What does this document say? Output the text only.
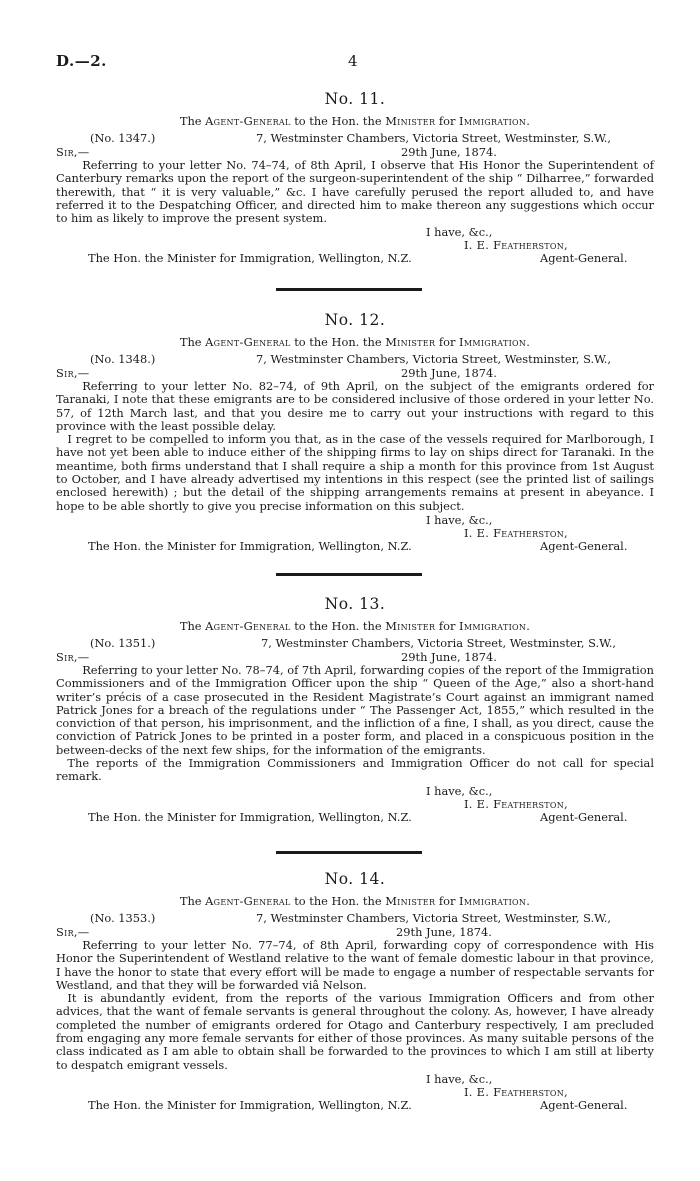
D.—2.	4
No. 11.
The Agent-General to the Hon. the Minister for Immigration.
(No. 1347.)	7, Westminster Chambers, Victoria Street, Westminster, S.W.,
Sir,—	29th June, 1874.

Referring to your letter No. 74–74, of 8th April, I observe that His Honor the Superintendent of Canterbury remarks upon the report of the surgeon-superintendent of the ship “ Dilharree,” forwarded therewith, that “ it is very valuable,” &c. I have carefully perused the report alluded to, and have referred it to the Despatching Officer, and directed him to make thereon any suggestions which occur to him as likely to improve the present system.

I have, &c.,
I. E. Featherston,
The Hon. the Minister for Immigration, Wellington, N.Z.	Agent-General.
No. 12.
The Agent-General to the Hon. the Minister for Immigration.
(No. 1348.)	7, Westminster Chambers, Victoria Street, Westminster, S.W.,
Sir,—	29th June, 1874.

Referring to your letter No. 82–74, of 9th April, on the subject of the emigrants ordered for Taranaki, I note that these emigrants are to be considered inclusive of those ordered in your letter No. 57, of 12th March last, and that you desire me to carry out your instructions with regard to this province with the least possible delay.

I regret to be compelled to inform you that, as in the case of the vessels required for Marlborough, I have not yet been able to induce either of the shipping firms to lay on ships direct for Taranaki. In the meantime, both firms understand that I shall require a ship a month for this province from 1st August to October, and I have already advertised my intentions in this respect (see the printed list of sailings enclosed herewith) ; but the detail of the shipping arrangements remains at present in abeyance. I hope to be able shortly to give you precise information on this subject.

I have, &c.,
I. E. Featherston,
The Hon. the Minister for Immigration, Wellington, N.Z.	Agent-General.
No. 13.
The Agent-General to the Hon. the Minister for Immigration.
(No. 1351.)	7, Westminster Chambers, Victoria Street, Westminster, S.W.,
Sir,—	29th June, 1874.

Referring to your letter No. 78–74, of 7th April, forwarding copies of the report of the Immigration Commissioners and of the Immigration Officer upon the ship “ Queen of the Age,” also a short-hand writer’s précis of a case prosecuted in the Resident Magistrate’s Court against an immigrant named Patrick Jones for a breach of the regulations under “ The Passenger Act, 1855,” which resulted in the conviction of that person, his imprisonment, and the infliction of a fine, I shall, as you direct, cause the conviction of Patrick Jones to be printed in a poster form, and placed in a conspicuous position in the between-decks of the next few ships, for the information of the emigrants.

The reports of the Immigration Commissioners and Immigration Officer do not call for special remark.

I have, &c.,
I. E. Featherston,
The Hon. the Minister for Immigration, Wellington, N.Z.	Agent-General.
No. 14.
The Agent-General to the Hon. the Minister for Immigration.
(No. 1353.)	7, Westminster Chambers, Victoria Street, Westminster, S.W.,
Sir,—	29th June, 1874.

Referring to your letter No. 77–74, of 8th April, forwarding copy of correspondence with His Honor the Superintendent of Westland relative to the want of female domestic labour in that province, I have the honor to state that every effort will be made to engage a number of respectable servants for Westland, and that they will be forwarded viâ Nelson.

It is abundantly evident, from the reports of the various Immigration Officers and from other advices, that the want of female servants is general throughout the colony. As, however, I have already completed the number of emigrants ordered for Otago and Canterbury respectively, I am precluded from engaging any more female servants for either of those provinces. As many suitable persons of the class indicated as I am able to obtain shall be forwarded to the provinces to which I am still at liberty to despatch emigrant vessels.

I have, &c.,
I. E. Featherston,
The Hon. the Minister for Immigration, Wellington, N.Z.	Agent-General.
